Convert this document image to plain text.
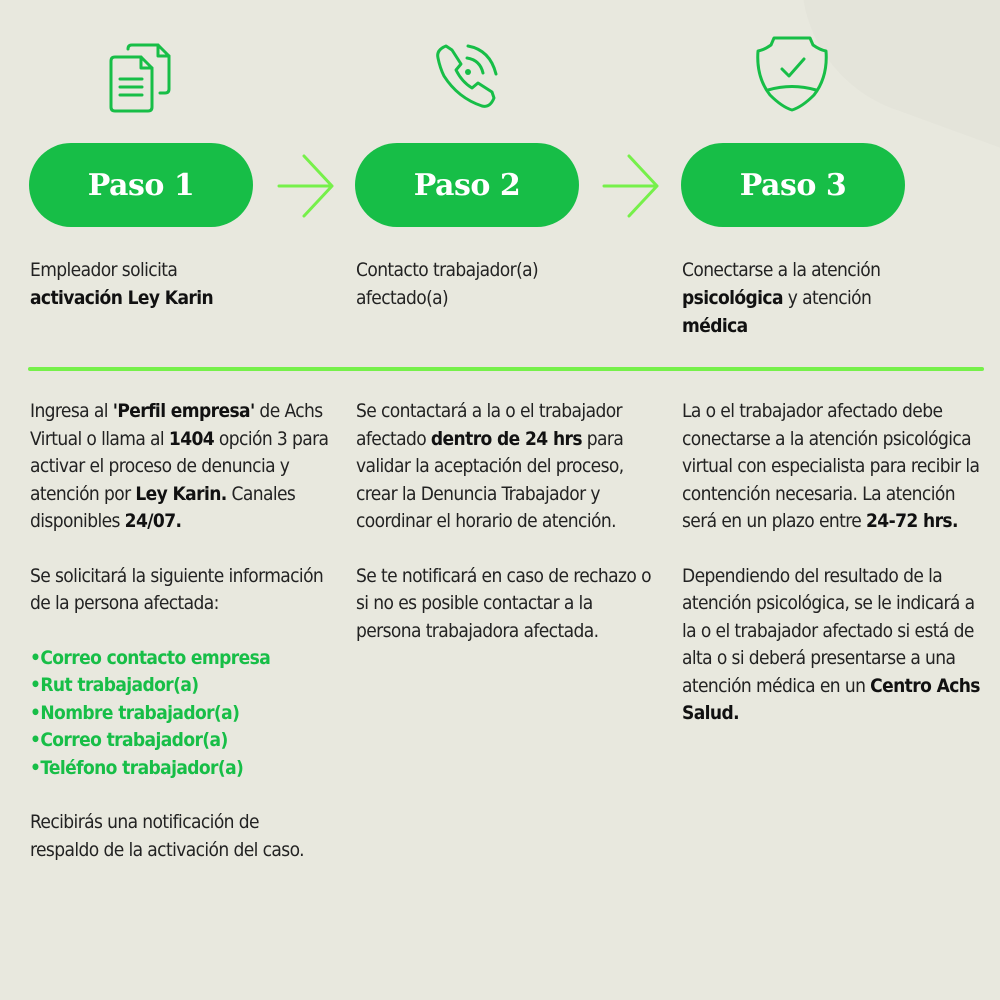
Paso 1	Paso 2	Paso 3
Empleador solicita
activación Ley Karin
Contacto trabajador(a)
afectado(a)
Conectarse a la atención
psicológica y atención
médica

Ingresa al 'Perfil empresa' de Achs Virtual o llama al 1404 opción 3 para activar el proceso de denuncia y atención por Ley Karin. Canales disponibles 24/07.

Se solicitará la siguiente información de la persona afectada:

• Correo contacto empresa
• Rut trabajador(a)
• Nombre trabajador(a)
• Correo trabajador(a)
• Teléfono trabajador(a)

Recibirás una notificación de respaldo de la activación del caso.

Se contactará a la o el trabajador afectado dentro de 24 hrs para validar la aceptación del proceso, crear la Denuncia Trabajador y coordinar el horario de atención.

Se te notificará en caso de rechazo o si no es posible contactar a la persona trabajadora afectada.

La o el trabajador afectado debe conectarse a la atención psicológica virtual con especialista para recibir la contención necesaria. La atención será en un plazo entre 24-72 hrs.

Dependiendo del resultado de la atención psicológica, se le indicará a la o el trabajador afectado si está de alta o si deberá presentarse a una atención médica en un Centro Achs Salud.
